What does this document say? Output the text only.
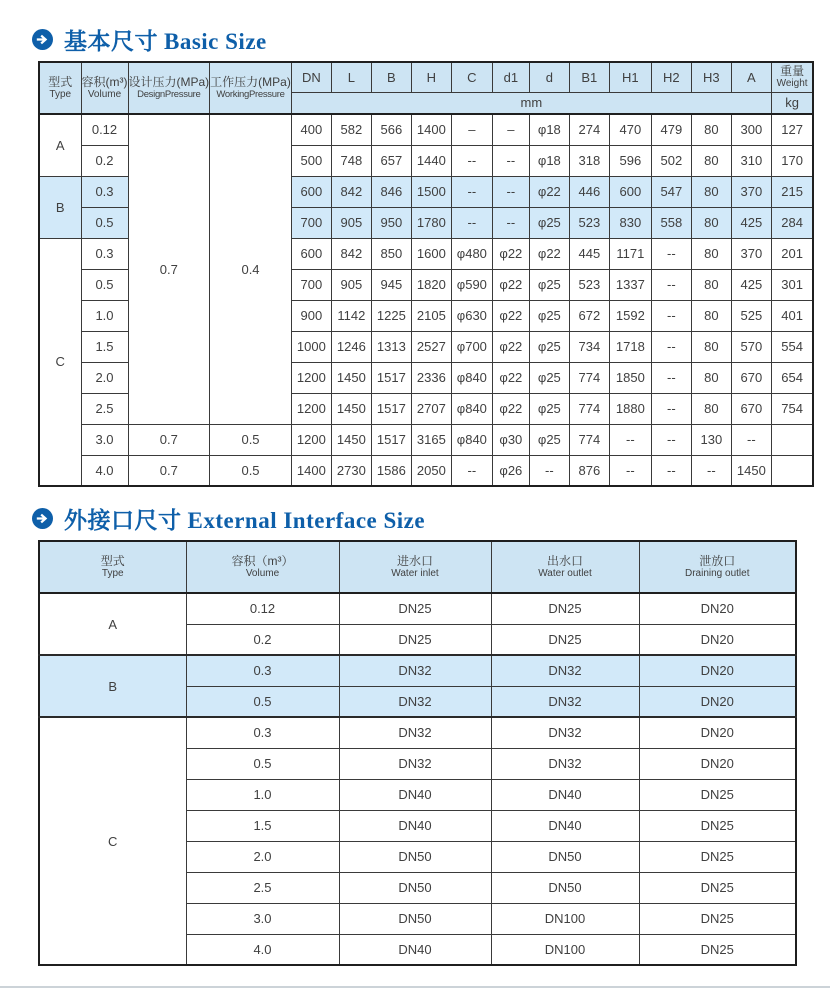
基本尺寸 Basic Size
型式
Type	容积(m³)
Volume	设计压力(MPa)
DesignPressure	工作压力(MPa)
WorkingPressure	DN	L	B	H	C	d1	d	B1	H1	H2	H3	A	重量
Weight

				mm												kg
A	0.12	0.7	0.4	400	582	566	1400	–	–	φ18	274	470	479	80	300	127
	0.2			500	748	657	1440	--	--	φ18	318	596	502	80	310	170
B	0.3			600	842	846	1500	--	--	φ22	446	600	547	80	370	215
	0.5			700	905	950	1780	--	--	φ25	523	830	558	80	425	284
C	0.3			600	842	850	1600	φ480	φ22	φ22	445	1171	--	80	370	201
	0.5			700	905	945	1820	φ590	φ22	φ25	523	1337	--	80	425	301
	1.0			900	1142	1225	2105	φ630	φ22	φ25	672	1592	--	80	525	401
	1.5			1000	1246	1313	2527	φ700	φ22	φ25	734	1718	--	80	570	554
	2.0			1200	1450	1517	2336	φ840	φ22	φ25	774	1850	--	80	670	654
	2.5			1200	1450	1517	2707	φ840	φ22	φ25	774	1880	--	80	670	754
	3.0	0.7	0.5	1200	1450	1517	3165	φ840	φ30	φ25	774	--	--	130	--	
	4.0	0.7	0.5	1400	2730	1586	2050	--	φ26	--	876	--	--	--	1450	
外接口尺寸 External Interface Size
型式
Type	容积（m³）
Volume	进水口
Water inlet	出水口
Water outlet	泄放口
Draining outlet

A	0.12	DN25	DN25	DN20
	0.2	DN25	DN25	DN20
B	0.3	DN32	DN32	DN20
	0.5	DN32	DN32	DN20
C	0.3	DN32	DN32	DN20
	0.5	DN32	DN32	DN20
	1.0	DN40	DN40	DN25
	1.5	DN40	DN40	DN25
	2.0	DN50	DN50	DN25
	2.5	DN50	DN50	DN25
	3.0	DN50	DN100	DN25
	4.0	DN40	DN100	DN25
